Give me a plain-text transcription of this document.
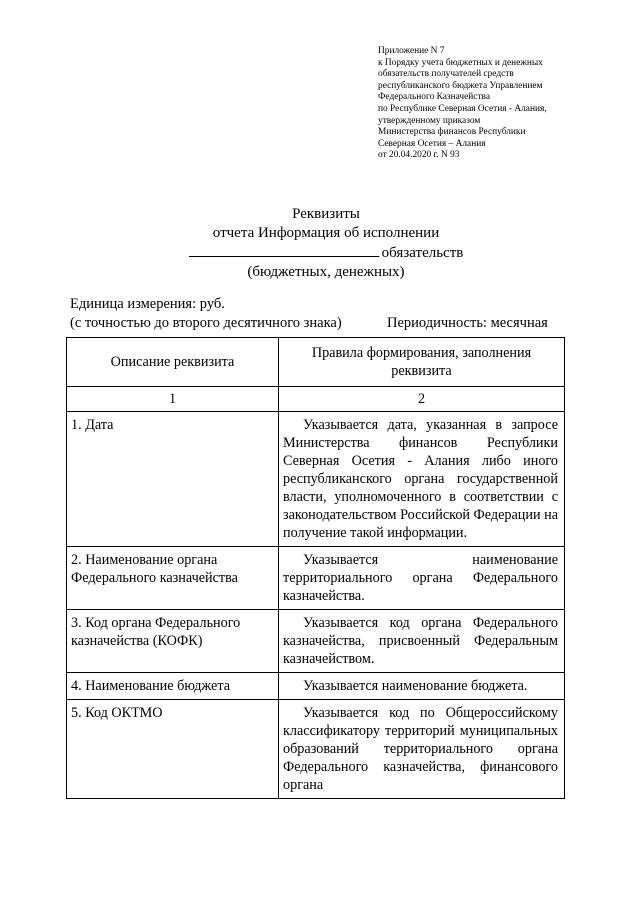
Приложение N 7
к Порядку учета бюджетных и денежных
обязательств получателей средств
республиканского бюджета Управлением
Федерального Казначейства
по Республике Северная Осетия - Алания,
утвержденному приказом
Министерства финансов Республики
Северная Осетия – Алания
от 20.04.2020 г. N 93
Реквизиты
отчета Информация об исполнении
обязательств
(бюджетных, денежных)
Единица измерения: руб.
(с точностью до второго десятичного знака)	Периодичность: месячная
Описание реквизита	Правила формирования, заполнения реквизита
1	2
1. Дата	Указывается дата, указанная в запросе Министерства финансов Республики Северная Осетия - Алания либо иного республиканского органа государственной власти, уполномоченного в соответствии с законодательством Российской Федерации на получение такой информации.
2. Наименование органа Федерального казначейства	Указывается наименование территориального органа Федерального казначейства.
3. Код органа Федерального казначейства (КОФК)	Указывается код органа Федерального казначейства, присвоенный Федеральным казначейством.
4. Наименование бюджета	Указывается наименование бюджета.
5. Код ОКТМО	Указывается код по Общероссийскому классификатору территорий муниципальных образований территориального органа Федерального казначейства, финансового органа
